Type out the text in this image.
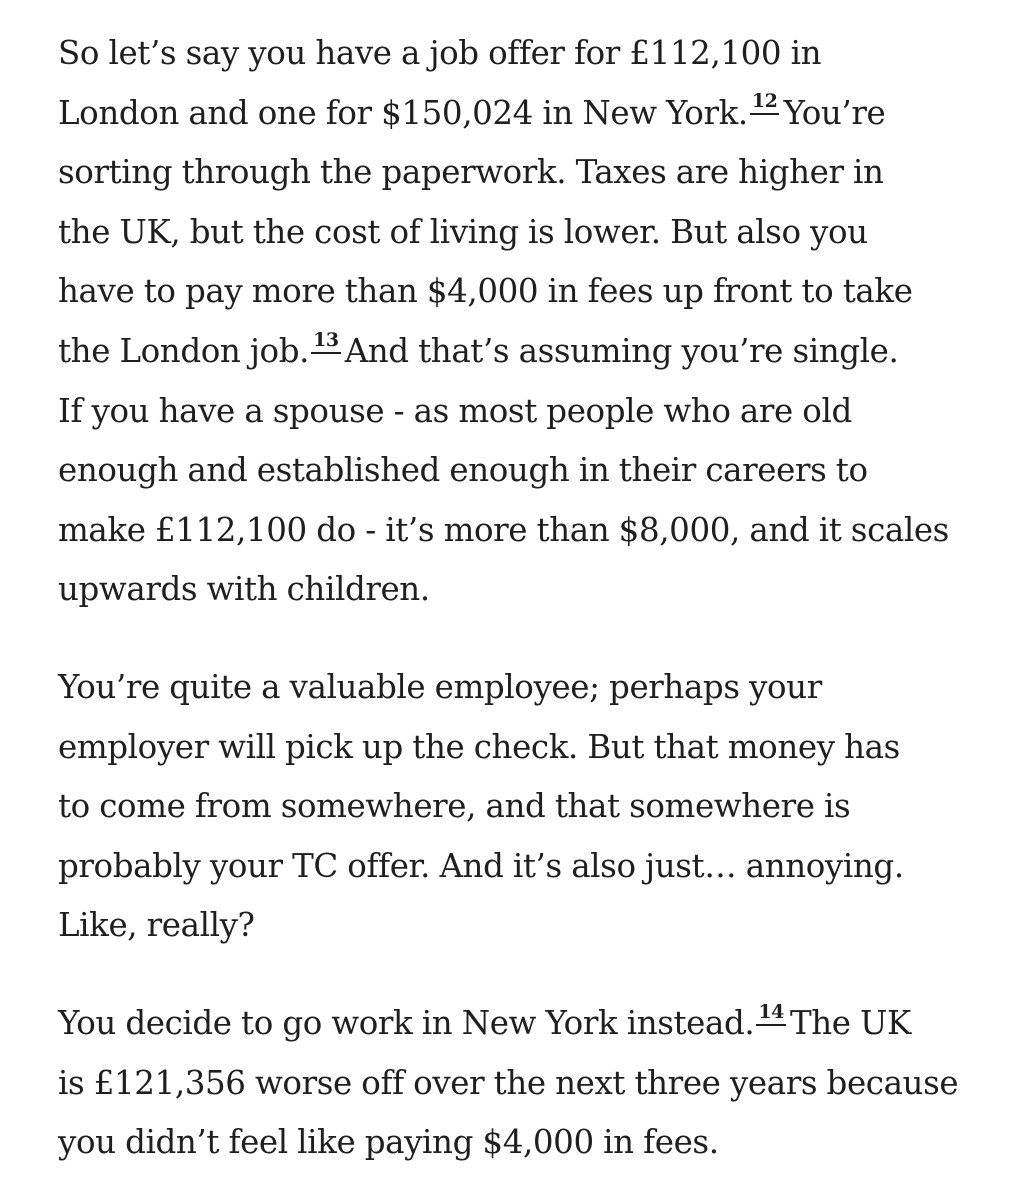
So let’s say you have a job offer for £112,100 in
London and one for $150,024 in New York. 12 You’re
sorting through the paperwork. Taxes are higher in
the UK, but the cost of living is lower. But also you
have to pay more than $4,000 in fees up front to take
the London job. 13 And that’s assuming you’re single.
If you have a spouse - as most people who are old
enough and established enough in their careers to
make £112,100 do - it’s more than $8,000, and it scales
upwards with children.

You’re quite a valuable employee; perhaps your
employer will pick up the check. But that money has
to come from somewhere, and that somewhere is
probably your TC offer. And it’s also just… annoying.
Like, really?

You decide to go work in New York instead. 14 The UK
is £121,356 worse off over the next three years because
you didn’t feel like paying $4,000 in fees.
